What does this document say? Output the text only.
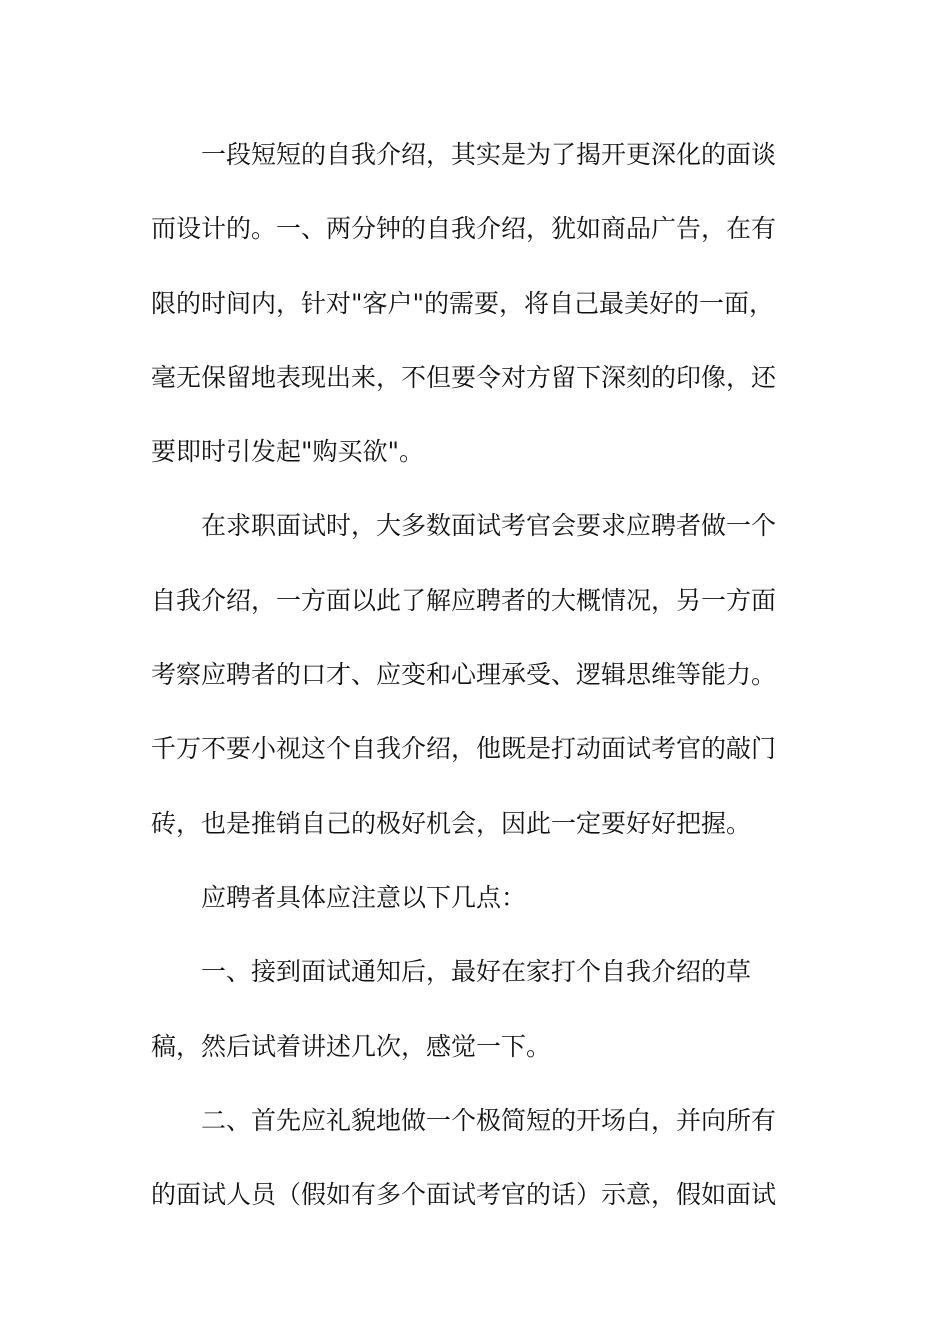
一段短短的自我介绍，其实是为了揭开更深化的面谈
而设计的。一、两分钟的自我介绍，犹如商品广告，在有
限的时间内，针对"客户"的需要，将自己最美好的一面，
毫无保留地表现出来，不但要令对方留下深刻的印像，还
要即时引发起"购买欲"。
在求职面试时，大多数面试考官会要求应聘者做一个
自我介绍，一方面以此了解应聘者的大概情况，另一方面
考察应聘者的口才、应变和心理承受、逻辑思维等能力。
千万不要小视这个自我介绍，他既是打动面试考官的敲门
砖，也是推销自己的极好机会，因此一定要好好把握。
应聘者具体应注意以下几点：
一、接到面试通知后，最好在家打个自我介绍的草
稿，然后试着讲述几次，感觉一下。
二、首先应礼貌地做一个极简短的开场白，并向所有
的面试人员（假如有多个面试考官的话）示意，假如面试
